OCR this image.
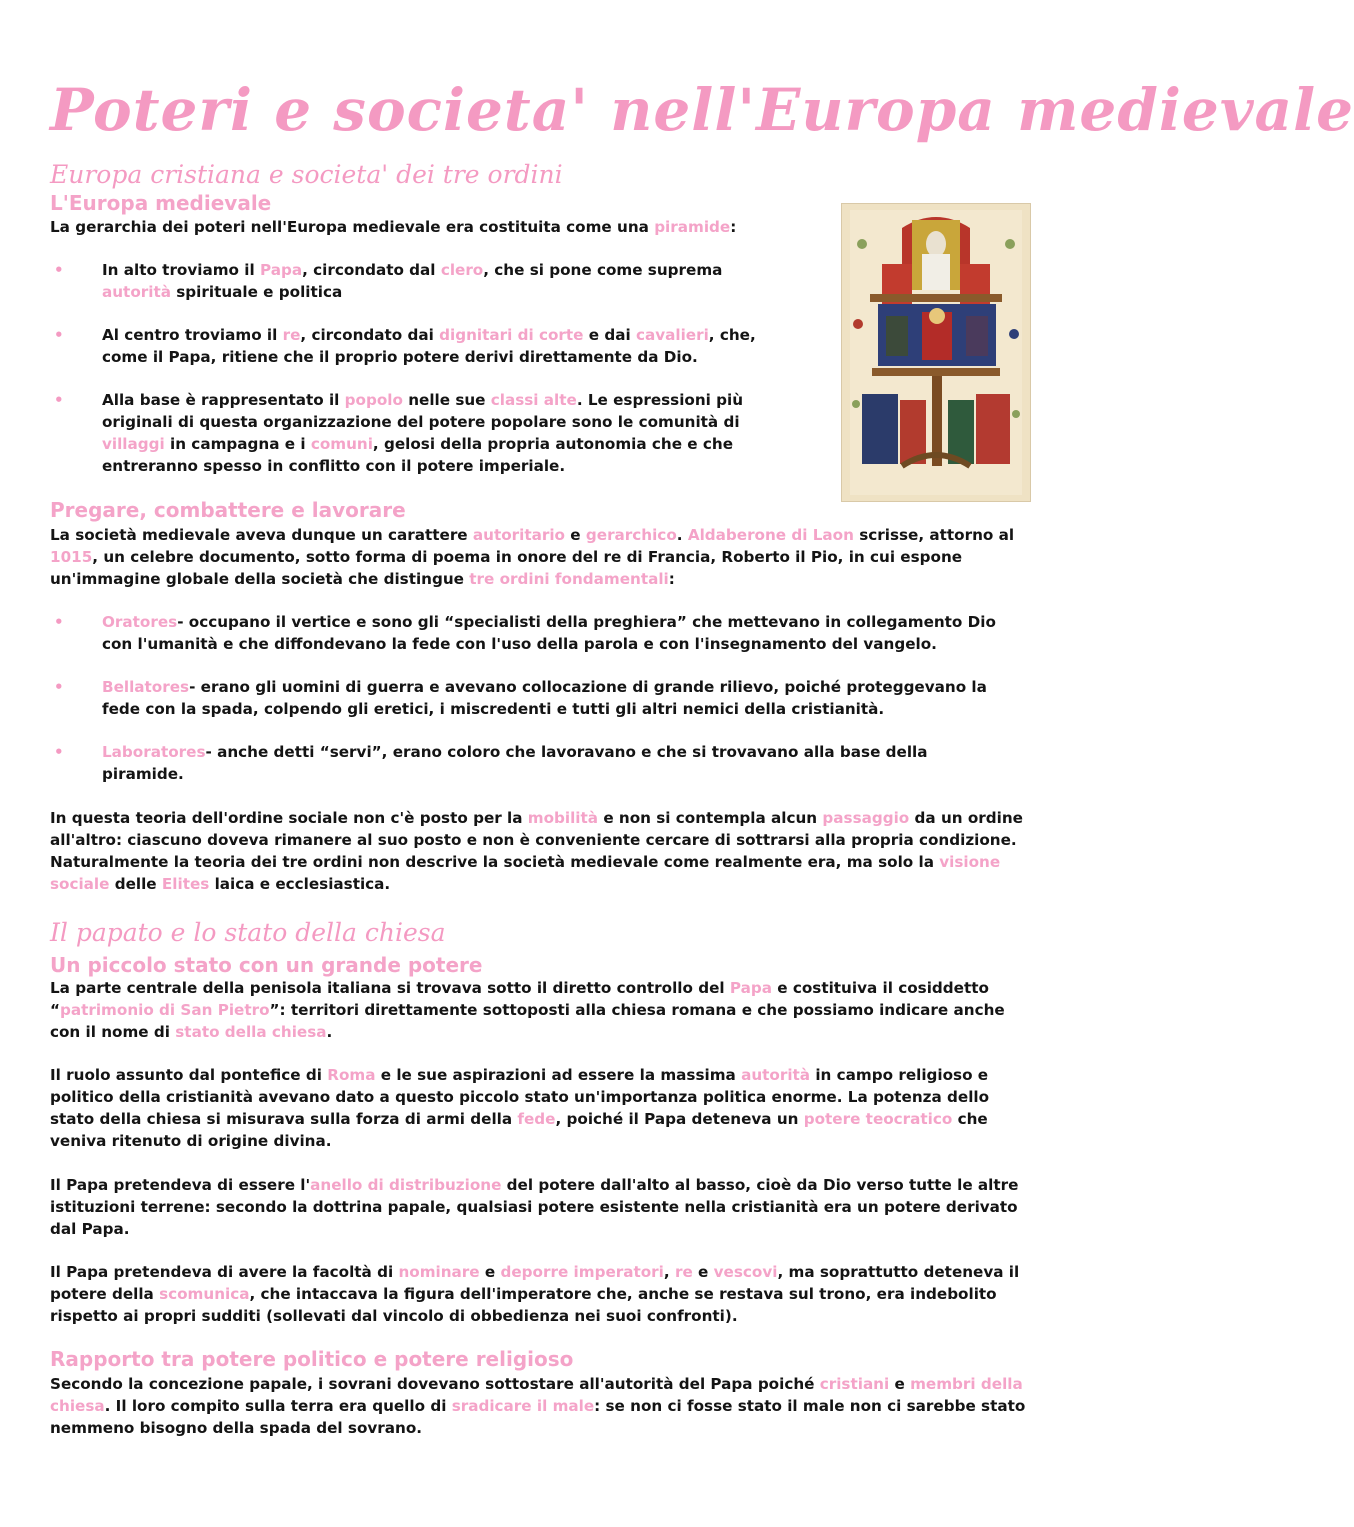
Poteri e societa' nell'Europa medievale
Europa cristiana e societa' dei tre ordini
L'Europa medievale
La gerarchia dei poteri nell'Europa medievale era costituita come una piramide:
•	In alto troviamo il Papa, circondato dal clero, che si pone come suprema autorità spirituale e politica
•	Al centro troviamo il re, circondato dai dignitari di corte e dai cavalieri, che, come il Papa, ritiene che il proprio potere derivi direttamente da Dio.
•	Alla base è rappresentato il popolo nelle sue classi alte. Le espressioni più originali di questa organizzazione del potere popolare sono le comunità di villaggi in campagna e i comuni, gelosi della propria autonomia che e che entreranno spesso in conflitto con il potere imperiale.
Pregare, combattere e lavorare
La società medievale aveva dunque un carattere autoritario e gerarchico. Aldaberone di Laon scrisse, attorno al 1015, un celebre documento, sotto forma di poema in onore del re di Francia, Roberto il Pio, in cui espone un'immagine globale della società che distingue tre ordini fondamentali:
•	Oratores- occupano il vertice e sono gli “specialisti della preghiera” che mettevano in collegamento Dio con l'umanità e che diffondevano la fede con l'uso della parola e con l'insegnamento del vangelo.
•	Bellatores- erano gli uomini di guerra e avevano collocazione di grande rilievo, poiché proteggevano la fede con la spada, colpendo gli eretici, i miscredenti e tutti gli altri nemici della cristianità.
•	Laboratores- anche detti “servi”, erano coloro che lavoravano e che si trovavano alla base della piramide.
In questa teoria dell'ordine sociale non c'è posto per la mobilità e non si contempla alcun passaggio da un ordine all'altro: ciascuno doveva rimanere al suo posto e non è conveniente cercare di sottrarsi alla propria condizione. Naturalmente la teoria dei tre ordini non descrive la società medievale come realmente era, ma solo la visione sociale delle Elites laica e ecclesiastica.
Il papato e lo stato della chiesa
Un piccolo stato con un grande potere
La parte centrale della penisola italiana si trovava sotto il diretto controllo del Papa e costituiva il cosiddetto “patrimonio di San Pietro”: territori direttamente sottoposti alla chiesa romana e che possiamo indicare anche con il nome di stato della chiesa.
Il ruolo assunto dal pontefice di Roma e le sue aspirazioni ad essere la massima autorità in campo religioso e politico della cristianità avevano dato a questo piccolo stato un'importanza politica enorme. La potenza dello stato della chiesa si misurava sulla forza di armi della fede, poiché il Papa deteneva un potere teocratico che veniva ritenuto di origine divina.
Il Papa pretendeva di essere l'anello di distribuzione del potere dall'alto al basso, cioè da Dio verso tutte le altre istituzioni terrene: secondo la dottrina papale, qualsiasi potere esistente nella cristianità era un potere derivato dal Papa.
Il Papa pretendeva di avere la facoltà di nominare e deporre imperatori, re e vescovi, ma soprattutto deteneva il potere della scomunica, che intaccava la figura dell'imperatore che, anche se restava sul trono, era indebolito rispetto ai propri sudditi (sollevati dal vincolo di obbedienza nei suoi confronti).
Rapporto tra potere politico e potere religioso
Secondo la concezione papale, i sovrani dovevano sottostare all'autorità del Papa poiché cristiani e membri della chiesa. Il loro compito sulla terra era quello di sradicare il male: se non ci fosse stato il male non ci sarebbe stato nemmeno bisogno della spada del sovrano.
